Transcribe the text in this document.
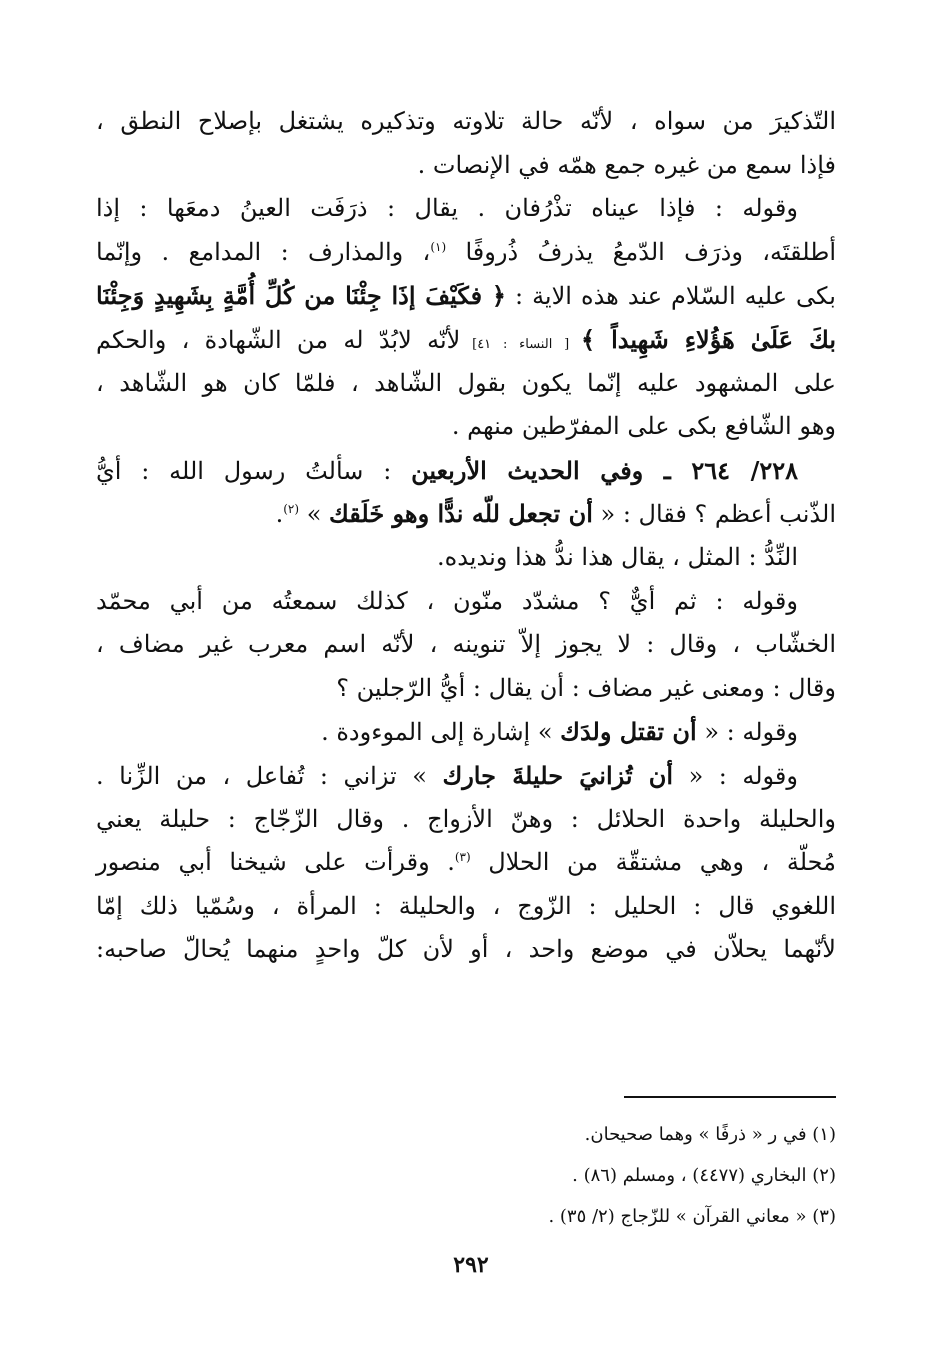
التّذكيرَ من سواه ، لأنّه حالة تلاوته وتذكيره يشتغل بإصلاح النطق ،
فإذا سمع من غيره جمع همّه في الإنصات .
وقوله : فإذا عيناه تذْرُفان . يقال : ذرَفَت العينُ دمعَها : إذا
أطلقتَه، وذرَف الدّمعُ يذرفُ ذُروفًا $^{(١)}$، والمذارف : المدامع . وإنّما
بكى عليه السّلام عند هذه الاية : ﴿ فكَيْفَ إذَا جِئْنَا من كُلِّ أُمَّةٍ بِشَهِيدٍ وَجِئْنَا
بكَ عَلَىٰ هَؤُلاءِ شَهِيداً ﴾ [ النساء : ٤١] لأنّه لابُدّ له من الشّهادة ، والحكم
على المشهود عليه إنّما يكون بقول الشّاهد ، فلمّا كان هو الشّاهد ،
وهو الشّافع بكى على المفرّطين منهم .
٢٢٨/ ٢٦٤ ـ وفي الحديث الأربعين : سألتُ رسول الله : أيُّ
الذّنب أعظم ؟ فقال : « أن تجعل للّه ندًّا وهو خَلَقك » $^{(٢)}$.
النِّدُّ : المثل ، يقال هذا ندُّ هذا ونديده.
وقوله : ثم أيٌّ ؟ مشدّد منّون ، كذلك سمعتُه من أبي محمّد
الخشّاب ، وقال : لا يجوز إلاّ تنوينه ، لأنّه اسم معرب غير مضاف ،
وقال : ومعنى غير مضاف : أن يقال : أيُّ الرّجلين ؟
وقوله : « أن تقتل ولدَك » إشارة إلى الموءودة .
وقوله : « أن تُزانيَ حليلةَ جارك » تزاني : تُفاعل ، من الزِّنا .
والحليلة واحدة الحلائل : وهنّ الأزواج . وقال الزّجّاج : حليلة يعني
مُحلّة ، وهي مشتقّة من الحلال $^{(٣)}$. وقرأت على شيخنا أبي منصور
اللغوي قال : الحليل : الزّوج ، والحليلة : المرأة ، وسُمّيا ذلك إمّا
لأنّهما يحلاّن في موضع واحد ، أو لأن كلّ واحدٍ منهما يُحالّ صاحبه:
(١) في ر « ذرفًا » وهما صحيحان.
(٢) البخاري (٤٤٧٧) ، ومسلم (٨٦) .
(٣) « معاني القرآن » للزّجاج (٢/ ٣٥) .
٢٩٢
